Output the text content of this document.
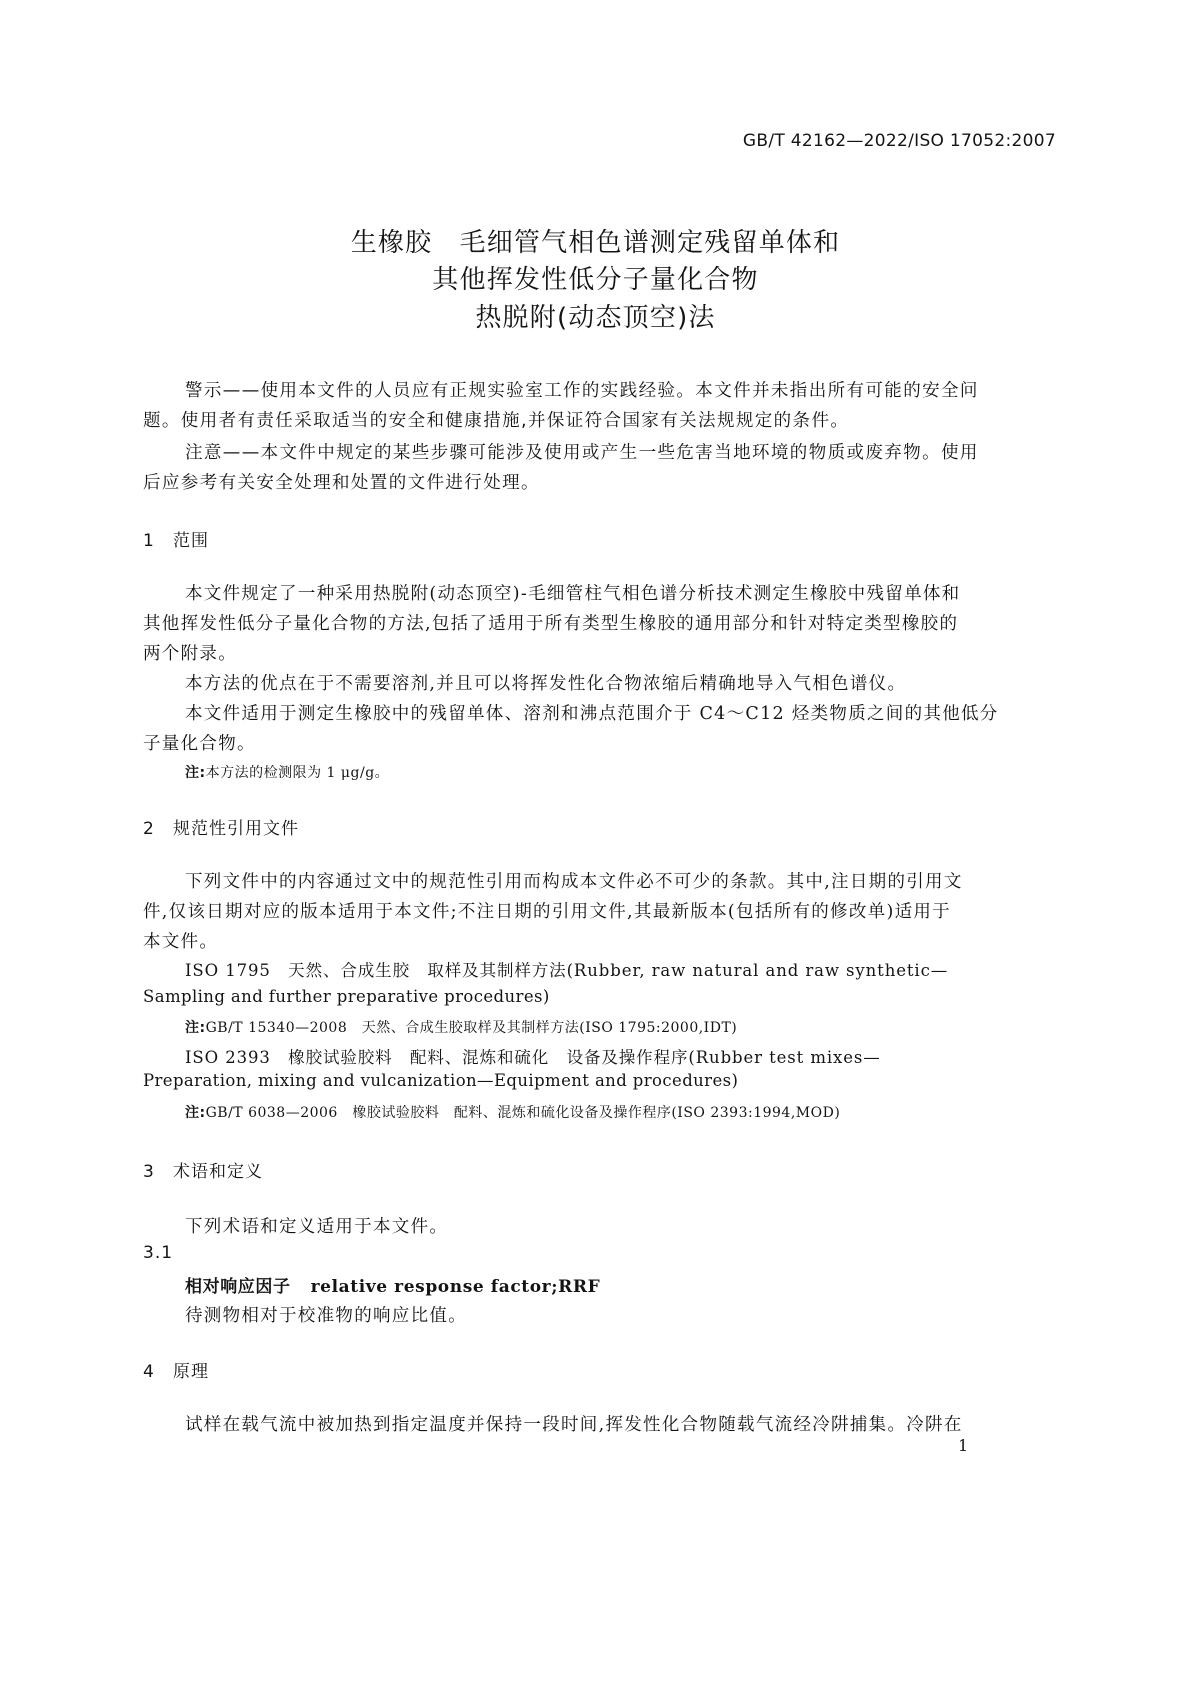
GB/T 42162—2022/ISO 17052:2007
生橡胶　毛细管气相色谱测定残留单体和
其他挥发性低分子量化合物
热脱附(动态顶空)法
警示——使用本文件的人员应有正规实验室工作的实践经验。本文件并未指出所有可能的安全问
题。使用者有责任采取适当的安全和健康措施,并保证符合国家有关法规规定的条件。
注意——本文件中规定的某些步骤可能涉及使用或产生一些危害当地环境的物质或废弃物。使用
后应参考有关安全处理和处置的文件进行处理。
1 范围
本文件规定了一种采用热脱附(动态顶空)-毛细管柱气相色谱分析技术测定生橡胶中残留单体和
其他挥发性低分子量化合物的方法,包括了适用于所有类型生橡胶的通用部分和针对特定类型橡胶的
两个附录。
本方法的优点在于不需要溶剂,并且可以将挥发性化合物浓缩后精确地导入气相色谱仪。
本文件适用于测定生橡胶中的残留单体、溶剂和沸点范围介于 C4～C12 烃类物质之间的其他低分
子量化合物。
注:本方法的检测限为 1 μg/g。
2 规范性引用文件
下列文件中的内容通过文中的规范性引用而构成本文件必不可少的条款。其中,注日期的引用文
件,仅该日期对应的版本适用于本文件;不注日期的引用文件,其最新版本(包括所有的修改单)适用于
本文件。
ISO 1795　天然、合成生胶　取样及其制样方法(Rubber, raw natural and raw synthetic—
Sampling and further preparative procedures)
注:GB/T 15340—2008　天然、合成生胶取样及其制样方法(ISO 1795:2000,IDT)
ISO 2393　橡胶试验胶料　配料、混炼和硫化　设备及操作程序(Rubber test mixes—
Preparation, mixing and vulcanization—Equipment and procedures)
注:GB/T 6038—2006　橡胶试验胶料　配料、混炼和硫化设备及操作程序(ISO 2393:1994,MOD)
3 术语和定义
下列术语和定义适用于本文件。
3.1
相对响应因子 relative response factor;RRF
待测物相对于校准物的响应比值。
4 原理
试样在载气流中被加热到指定温度并保持一段时间,挥发性化合物随载气流经冷阱捕集。冷阱在
1
